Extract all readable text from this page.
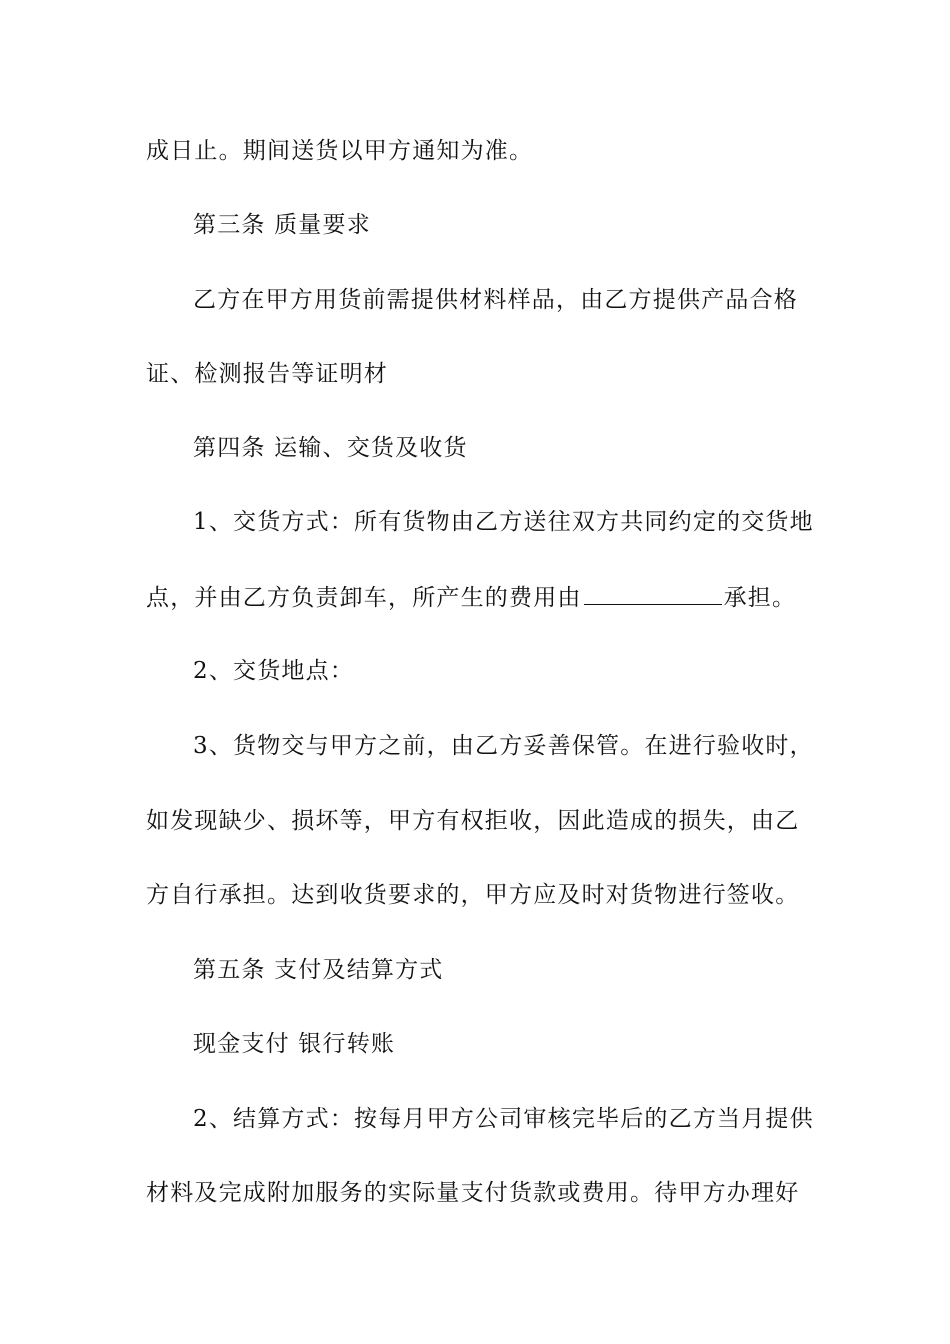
成日止。期间送货以甲方通知为准。
第三条 质量要求
乙方在甲方用货前需提供材料样品，由乙方提供产品合格
证、检测报告等证明材
第四条 运输、交货及收货
1、交货方式：所有货物由乙方送往双方共同约定的交货地
点，并由乙方负责卸车，所产生的费用由	承担。
2、交货地点：
3、货物交与甲方之前，由乙方妥善保管。在进行验收时，
如发现缺少、损坏等，甲方有权拒收，因此造成的损失，由乙
方自行承担。达到收货要求的，甲方应及时对货物进行签收。
第五条 支付及结算方式
现金支付 银行转账
2、结算方式：按每月甲方公司审核完毕后的乙方当月提供
材料及完成附加服务的实际量支付货款或费用。待甲方办理好
